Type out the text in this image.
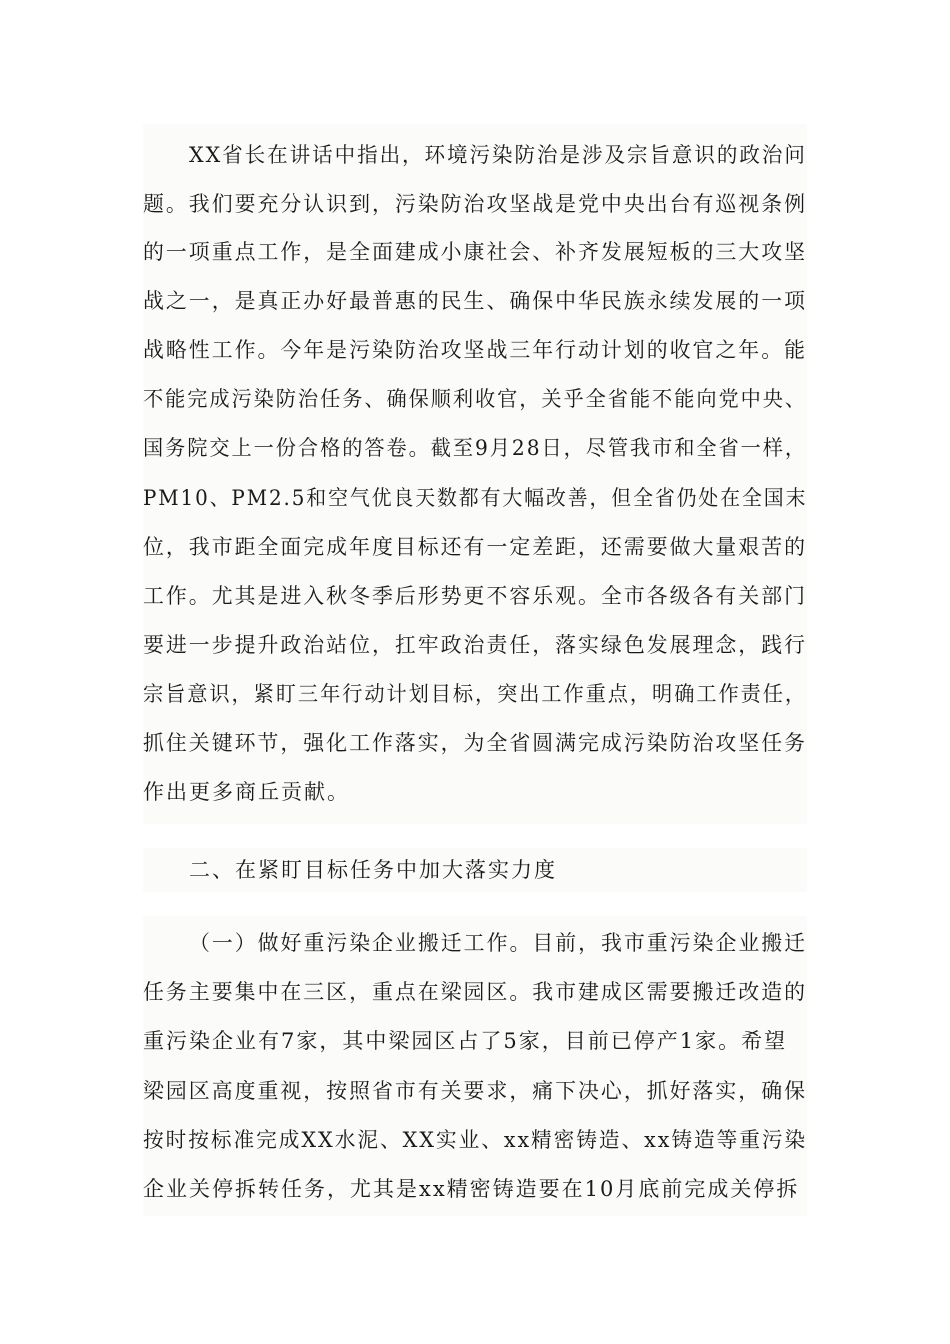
XX省长在讲话中指出，环境污染防治是涉及宗旨意识的政治问
题。我们要充分认识到，污染防治攻坚战是党中央出台有巡视条例
的一项重点工作，是全面建成小康社会、补齐发展短板的三大攻坚
战之一，是真正办好最普惠的民生、确保中华民族永续发展的一项
战略性工作。今年是污染防治攻坚战三年行动计划的收官之年。能
不能完成污染防治任务、确保顺利收官，关乎全省能不能向党中央、
国务院交上一份合格的答卷。截至9月28日，尽管我市和全省一样，
PM10、PM2.5和空气优良天数都有大幅改善，但全省仍处在全国末
位，我市距全面完成年度目标还有一定差距，还需要做大量艰苦的
工作。尤其是进入秋冬季后形势更不容乐观。全市各级各有关部门
要进一步提升政治站位，扛牢政治责任，落实绿色发展理念，践行
宗旨意识，紧盯三年行动计划目标，突出工作重点，明确工作责任，
抓住关键环节，强化工作落实，为全省圆满完成污染防治攻坚任务
作出更多商丘贡献。
二、在紧盯目标任务中加大落实力度
（一）做好重污染企业搬迁工作。目前，我市重污染企业搬迁
任务主要集中在三区，重点在梁园区。我市建成区需要搬迁改造的
重污染企业有7家，其中梁园区占了5家，目前已停产1家。希望
梁园区高度重视，按照省市有关要求，痛下决心，抓好落实，确保
按时按标准完成XX水泥、XX实业、xx精密铸造、xx铸造等重污染
企业关停拆转任务，尤其是xx精密铸造要在10月底前完成关停拆
